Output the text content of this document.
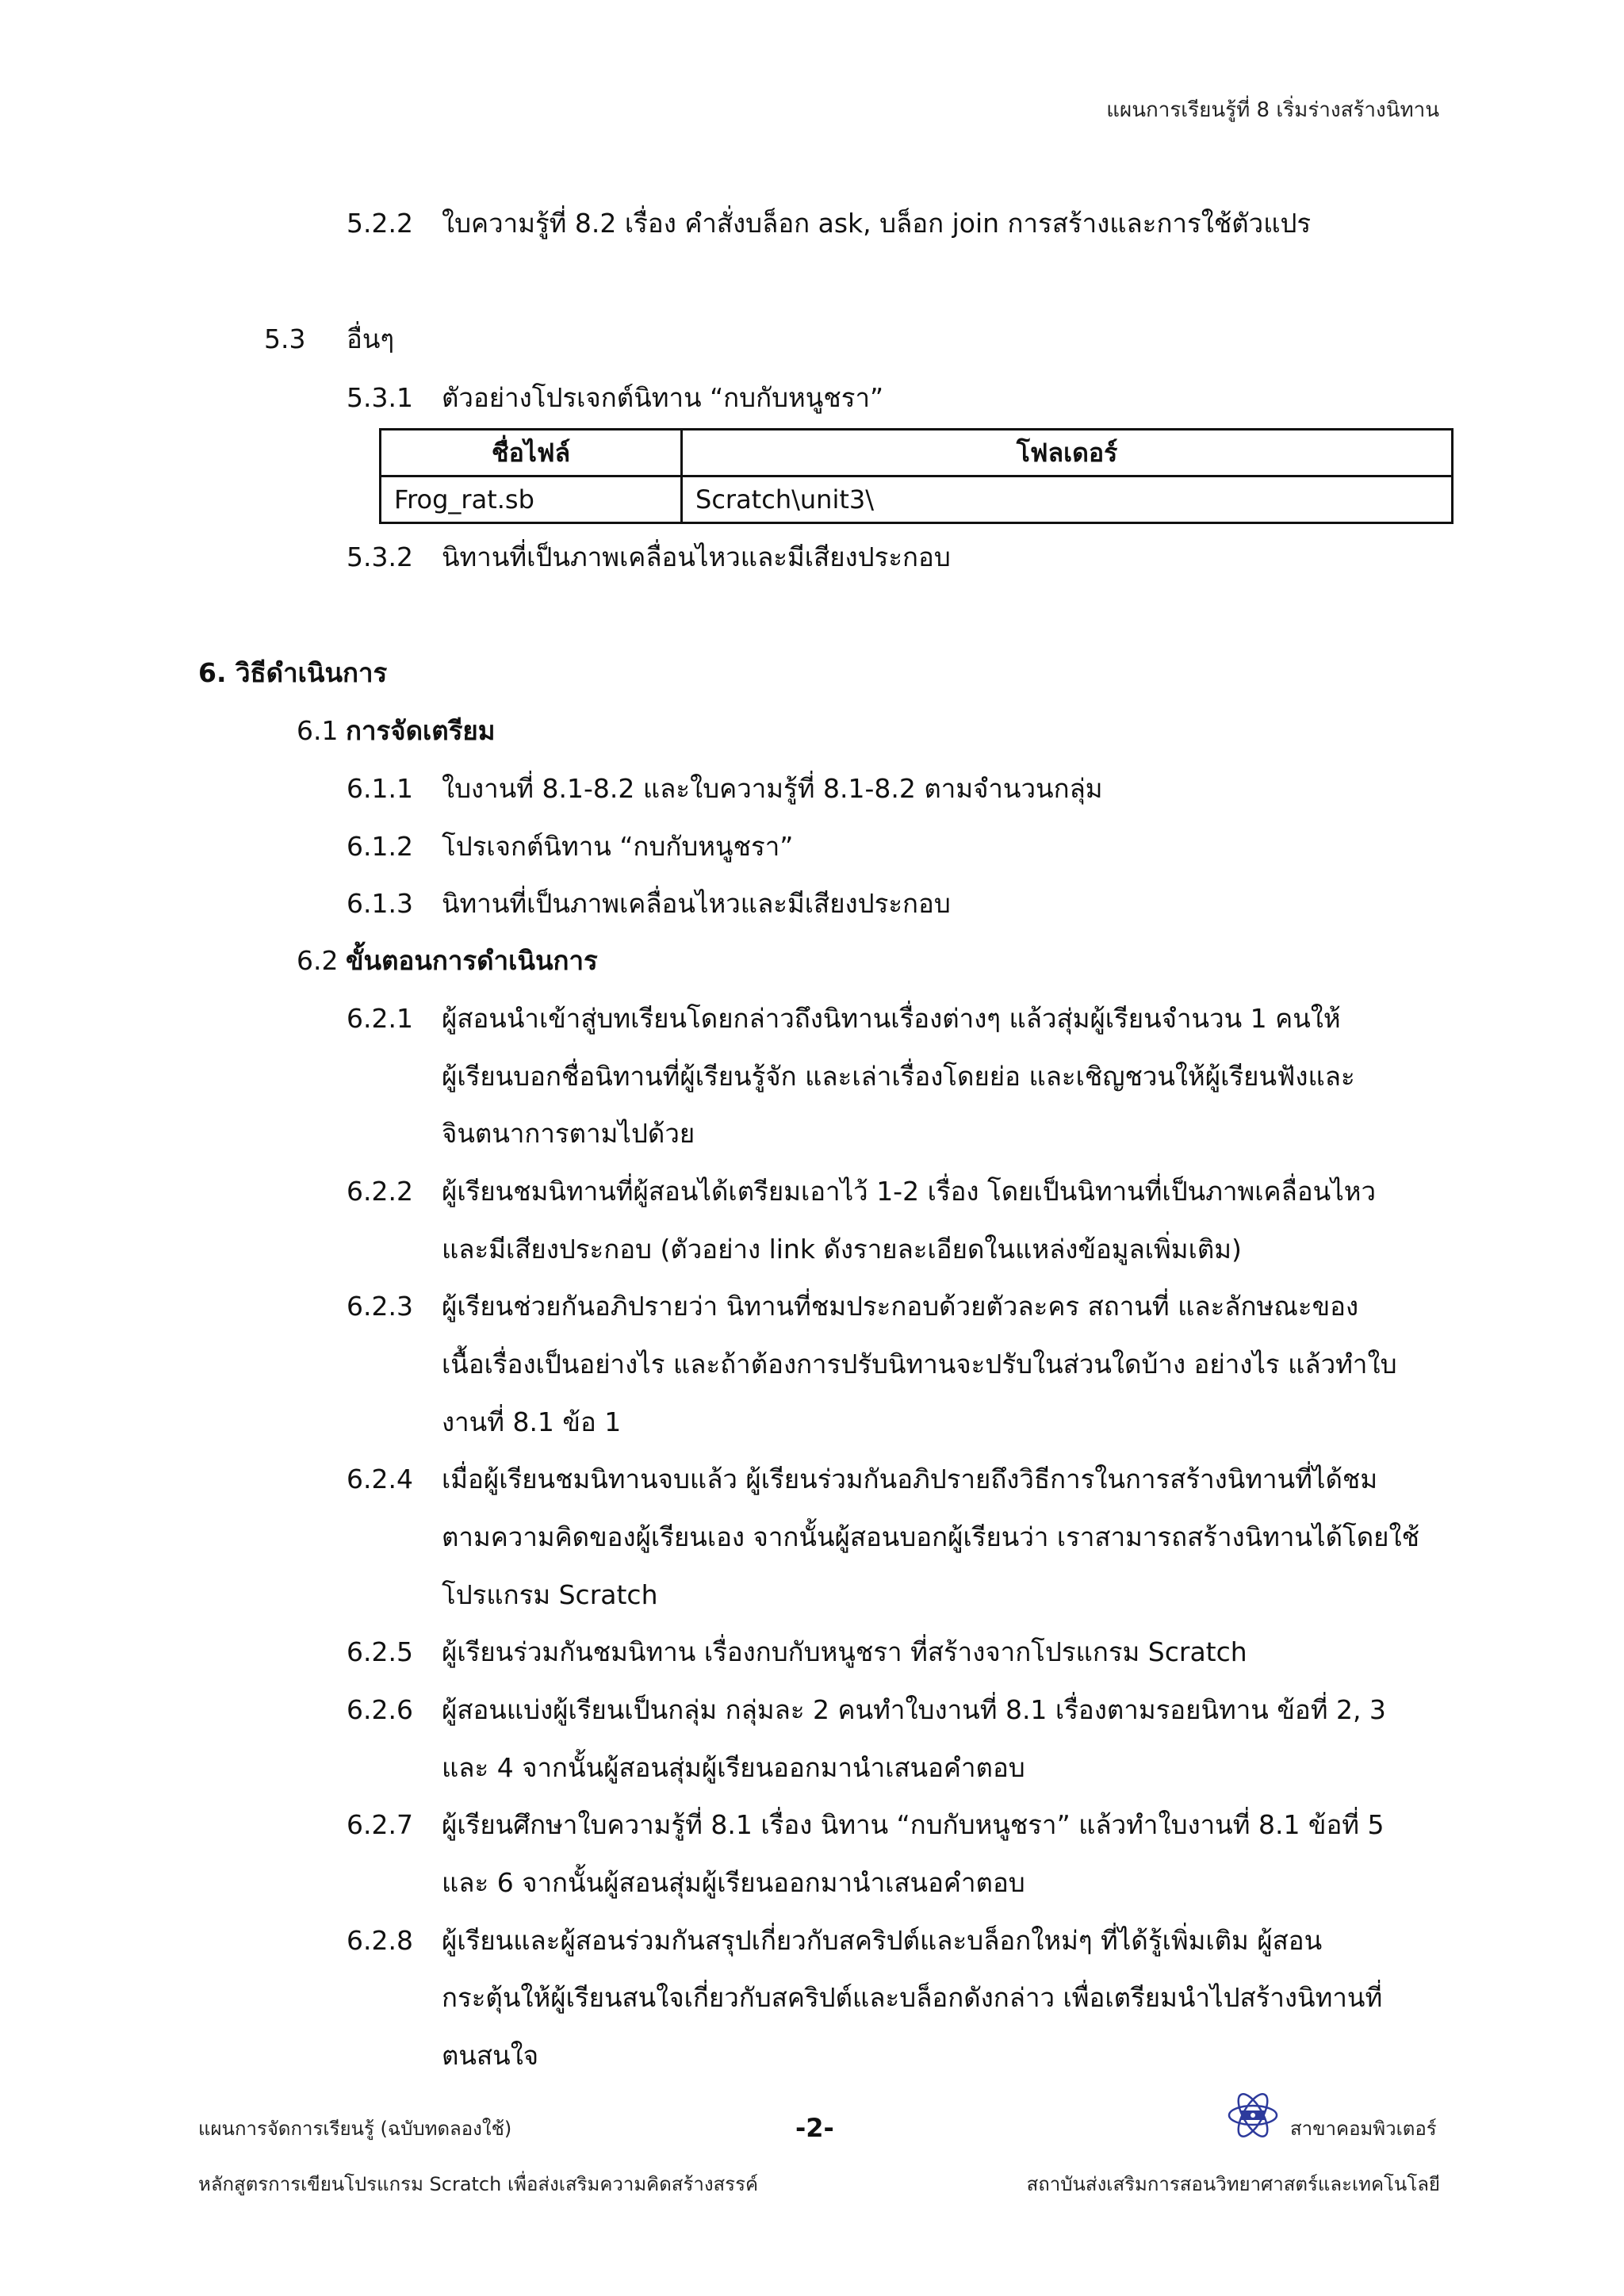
แผนการเรียนรู้ที่ 8 เริ่มร่างสร้างนิทาน
5.2.2 ใบความรู้ที่ 8.2 เรื่อง คำสั่งบล็อก ask, บล็อก join การสร้างและการใช้ตัวแปร
5.3 อื่นๆ
5.3.1 ตัวอย่างโปรเจกต์นิทาน “กบกับหนูชรา”
ชื่อไฟล์	โฟลเดอร์
Frog_rat.sb	Scratch\unit3\
5.3.2 นิทานที่เป็นภาพเคลื่อนไหวและมีเสียงประกอบ
6. วิธีดำเนินการ
6.1 การจัดเตรียม
6.1.1 ใบงานที่ 8.1-8.2 และใบความรู้ที่ 8.1-8.2 ตามจำนวนกลุ่ม
6.1.2 โปรเจกต์นิทาน “กบกับหนูชรา”
6.1.3 นิทานที่เป็นภาพเคลื่อนไหวและมีเสียงประกอบ
6.2 ขั้นตอนการดำเนินการ
6.2.1 ผู้สอนนำเข้าสู่บทเรียนโดยกล่าวถึงนิทานเรื่องต่างๆ แล้วสุ่มผู้เรียนจำนวน 1 คนให้
ผู้เรียนบอกชื่อนิทานที่ผู้เรียนรู้จัก และเล่าเรื่องโดยย่อ และเชิญชวนให้ผู้เรียนฟังและ
จินตนาการตามไปด้วย
6.2.2 ผู้เรียนชมนิทานที่ผู้สอนได้เตรียมเอาไว้ 1-2 เรื่อง โดยเป็นนิทานที่เป็นภาพเคลื่อนไหว
และมีเสียงประกอบ (ตัวอย่าง link ดังรายละเอียดในแหล่งข้อมูลเพิ่มเติม)
6.2.3 ผู้เรียนช่วยกันอภิปรายว่า นิทานที่ชมประกอบด้วยตัวละคร สถานที่ และลักษณะของ
เนื้อเรื่องเป็นอย่างไร และถ้าต้องการปรับนิทานจะปรับในส่วนใดบ้าง อย่างไร แล้วทำใบ
งานที่ 8.1 ข้อ 1
6.2.4 เมื่อผู้เรียนชมนิทานจบแล้ว ผู้เรียนร่วมกันอภิปรายถึงวิธีการในการสร้างนิทานที่ได้ชม
ตามความคิดของผู้เรียนเอง จากนั้นผู้สอนบอกผู้เรียนว่า เราสามารถสร้างนิทานได้โดยใช้
โปรแกรม Scratch
6.2.5 ผู้เรียนร่วมกันชมนิทาน เรื่องกบกับหนูชรา ที่สร้างจากโปรแกรม Scratch
6.2.6 ผู้สอนแบ่งผู้เรียนเป็นกลุ่ม กลุ่มละ 2 คนทำใบงานที่ 8.1 เรื่องตามรอยนิทาน ข้อที่ 2, 3
และ 4 จากนั้นผู้สอนสุ่มผู้เรียนออกมานำเสนอคำตอบ
6.2.7 ผู้เรียนศึกษาใบความรู้ที่ 8.1 เรื่อง นิทาน “กบกับหนูชรา” แล้วทำใบงานที่ 8.1 ข้อที่ 5
และ 6 จากนั้นผู้สอนสุ่มผู้เรียนออกมานำเสนอคำตอบ
6.2.8 ผู้เรียนและผู้สอนร่วมกันสรุปเกี่ยวกับสคริปต์และบล็อกใหม่ๆ ที่ได้รู้เพิ่มเติม ผู้สอน
กระตุ้นให้ผู้เรียนสนใจเกี่ยวกับสคริปต์และบล็อกดังกล่าว เพื่อเตรียมนำไปสร้างนิทานที่
ตนสนใจ
แผนการจัดการเรียนรู้ (ฉบับทดลองใช้)	-2-	สาขาคอมพิวเตอร์
หลักสูตรการเขียนโปรแกรม Scratch เพื่อส่งเสริมความคิดสร้างสรรค์	สถาบันส่งเสริมการสอนวิทยาศาสตร์และเทคโนโลยี
